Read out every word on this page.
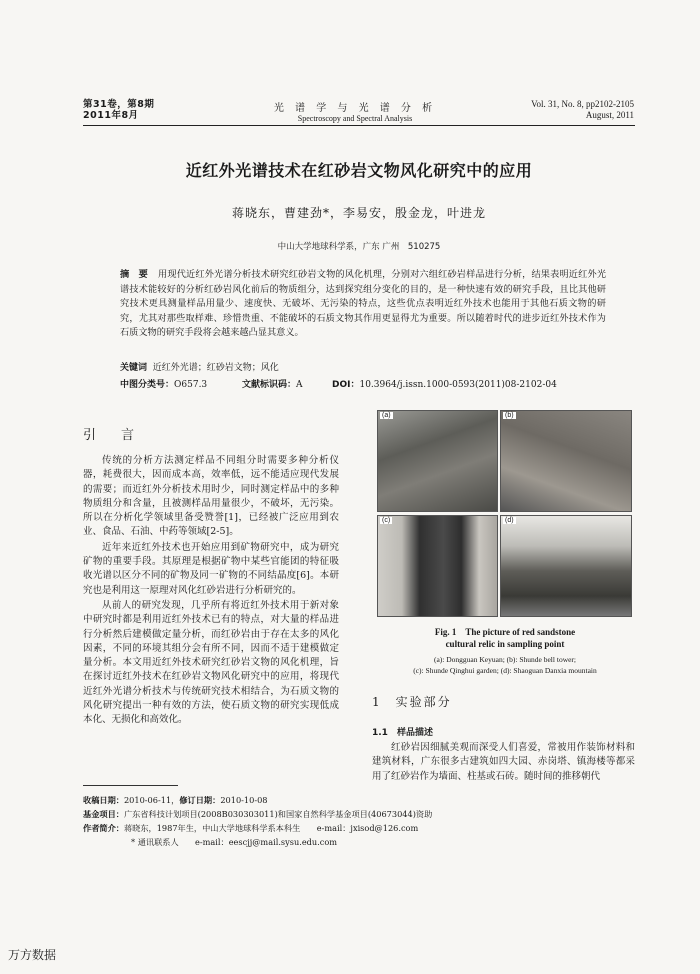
第31卷，第8期
2011年8月
光 谱 学 与 光 谱 分 析
Spectroscopy and Spectral Analysis
Vol. 31, No. 8, pp2102-2105
August, 2011
近红外光谱技术在红砂岩文物风化研究中的应用
蒋晓东，曹建劲*，李易安，殷金龙，叶进龙
中山大学地球科学系，广东 广州　510275
摘　要 用现代近红外光谱分析技术研究红砂岩文物的风化机理，分别对六组红砂岩样品进行分析，结果表明近红外光谱技术能较好的分析红砂岩风化前后的物质组分，达到探究组分变化的目的，是一种快速有效的研究手段，且比其他研究技术更具测量样品用量少、速度快、无破坏、无污染的特点，这些优点表明近红外技术也能用于其他石质文物的研究，尤其对那些取样难、珍惜贵重、不能破坏的石质文物其作用更显得尤为重要。所以随着时代的进步近红外技术作为石质文物的研究手段将会越来越凸显其意义。
关键词 近红外光谱；红砂岩文物；风化
中图分类号：O657.3	文献标识码：A	DOI：10.3964/j.issn.1000-0593(2011)08-2102-04
引　言

传统的分析方法测定样品不同组分时需要多种分析仪器，耗费很大，因而成本高，效率低，远不能适应现代发展的需要；而近红外分析技术用时少，同时测定样品中的多种物质组分和含量，且被测样品用量很少，不破坏，无污染。所以在分析化学领域里备受赞誉[1]，已经被广泛应用到农业、食品、石油、中药等领域[2-5]。

近年来近红外技术也开始应用到矿物研究中，成为研究矿物的重要手段。其原理是根据矿物中某些官能团的特征吸收光谱以区分不同的矿物及同一矿物的不同结晶度[6]。本研究也是利用这一原理对风化红砂岩进行分析研究的。

从前人的研究发现，几乎所有将近红外技术用于新对象中研究时都是利用近红外技术已有的特点，对大量的样品进行分析然后建模做定量分析，而红砂岩由于存在太多的风化因素，不同的环境其组分会有所不同，因而不适于建模做定量分析。本文用近红外技术研究红砂岩文物的风化机理，旨在探讨近红外技术在红砂岩文物风化研究中的应用，将现代近红外光谱分析技术与传统研究技术相结合，为石质文物的风化研究提出一种有效的方法，使石质文物的研究实现低成本化、无损化和高效化。

(a)	(b)
(c)	(d)
Fig. 1　The picture of red sandstone
cultural relic in sampling point
(a): Dongguan Keyuan; (b): Shunde bell tower;
(c): Shunde Qinghui garden; (d): Shaoguan Danxia mountain
1　实验部分
1.1　样品描述

红砂岩因细腻美观而深受人们喜爱，常被用作装饰材料和建筑材料，广东很多古建筑如四大园、赤岗塔、镇海楼等都采用了红砂岩作为墙面、柱基或石砖。随时间的推移朝代

收稿日期：2010-06-11，修订日期：2010-10-08
基金项目：广东省科技计划项目(2008B030303011)和国家自然科学基金项目(40673044)资助
作者简介：蒋晓东，1987年生，中山大学地球科学系本科生　　e-mail：jxisod@126.com
* 通讯联系人　　e-mail：eescjj@mail.sysu.edu.com
万方数据
